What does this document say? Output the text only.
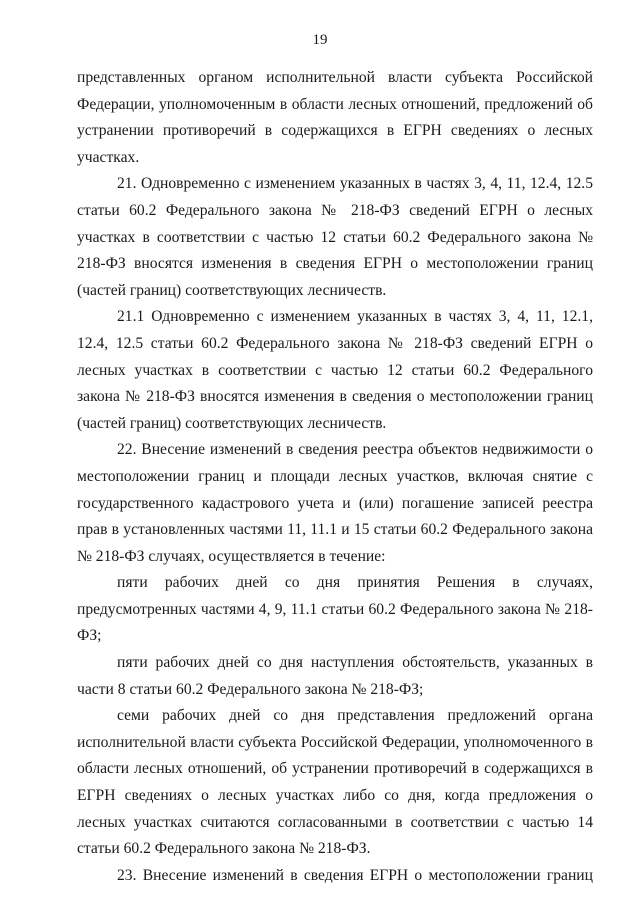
19

представленных органом исполнительной власти субъекта Российской Федерации, уполномоченным в области лесных отношений, предложений об устранении противоречий в содержащихся в ЕГРН сведениях о лесных участках.

21. Одновременно с изменением указанных в частях 3, 4, 11, 12.4, 12.5 статьи 60.2 Федерального закона № 218-ФЗ сведений ЕГРН о лесных участках в соответствии с частью 12 статьи 60.2 Федерального закона № 218-ФЗ вносятся изменения в сведения ЕГРН о местоположении границ (частей границ) соответствующих лесничеств.

21.1 Одновременно с изменением указанных в частях 3, 4, 11, 12.1, 12.4, 12.5 статьи 60.2 Федерального закона № 218-ФЗ сведений ЕГРН о лесных участках в соответствии с частью 12 статьи 60.2 Федерального закона № 218-ФЗ вносятся изменения в сведения о местоположении границ (частей границ) соответствующих лесничеств.

22. Внесение изменений в сведения реестра объектов недвижимости о местоположении границ и площади лесных участков, включая снятие с государственного кадастрового учета и (или) погашение записей реестра прав в установленных частями 11, 11.1 и 15 статьи 60.2 Федерального закона № 218-ФЗ случаях, осуществляется в течение:

пяти рабочих дней со дня принятия Решения в случаях, предусмотренных частями 4, 9, 11.1 статьи 60.2 Федерального закона № 218-ФЗ;

пяти рабочих дней со дня наступления обстоятельств, указанных в части 8 статьи 60.2 Федерального закона № 218-ФЗ;

семи рабочих дней со дня представления предложений органа исполнительной власти субъекта Российской Федерации, уполномоченного в области лесных отношений, об устранении противоречий в содержащихся в ЕГРН сведениях о лесных участках либо со дня, когда предложения о лесных участках считаются согласованными в соответствии с частью 14 статьи 60.2 Федерального закона № 218-ФЗ.

23. Внесение изменений в сведения ЕГРН о местоположении границ
